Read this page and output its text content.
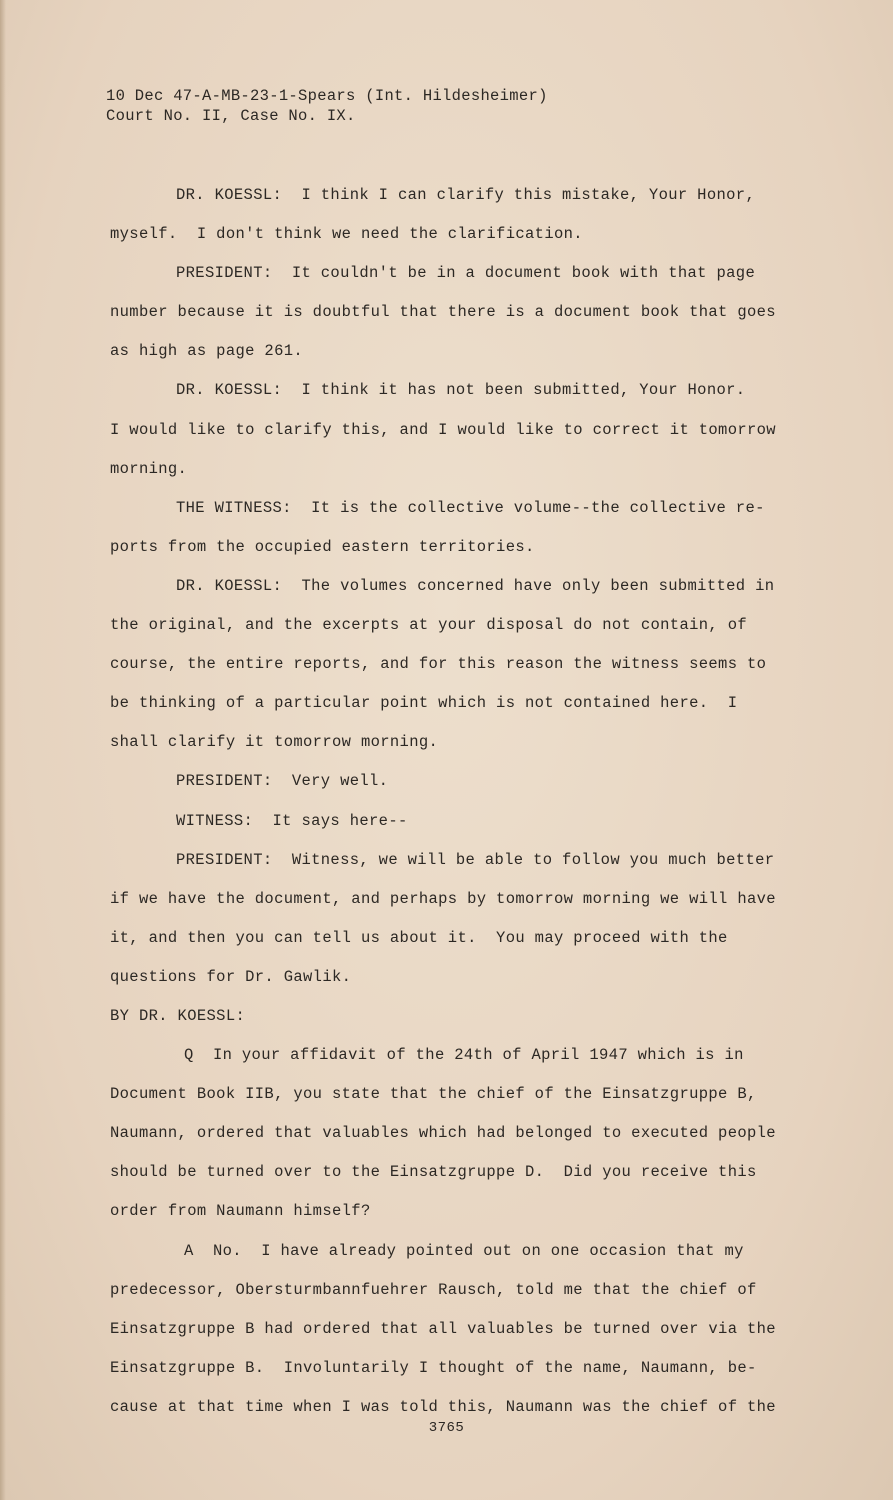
10 Dec 47-A-MB-23-1-Spears (Int. Hildesheimer)
Court No. II, Case No. IX.
DR. KOESSL:  I think I can clarify this mistake, Your Honor,
myself.  I don't think we need the clarification.
PRESIDENT:  It couldn't be in a document book with that page
number because it is doubtful that there is a document book that goes
as high as page 261.
DR. KOESSL:  I think it has not been submitted, Your Honor.
I would like to clarify this, and I would like to correct it tomorrow
morning.
THE WITNESS:  It is the collective volume--the collective re-
ports from the occupied eastern territories.
DR. KOESSL:  The volumes concerned have only been submitted in
the original, and the excerpts at your disposal do not contain, of
course, the entire reports, and for this reason the witness seems to
be thinking of a particular point which is not contained here.  I
shall clarify it tomorrow morning.
PRESIDENT:  Very well.
WITNESS:  It says here--
PRESIDENT:  Witness, we will be able to follow you much better
if we have the document, and perhaps by tomorrow morning we will have
it, and then you can tell us about it.  You may proceed with the
questions for Dr. Gawlik.
BY DR. KOESSL:
Q  In your affidavit of the 24th of April 1947 which is in
Document Book IIB, you state that the chief of the Einsatzgruppe B,
Naumann, ordered that valuables which had belonged to executed people
should be turned over to the Einsatzgruppe D.  Did you receive this
order from Naumann himself?
A  No.  I have already pointed out on one occasion that my
predecessor, Obersturmbannfuehrer Rausch, told me that the chief of
Einsatzgruppe B had ordered that all valuables be turned over via the
Einsatzgruppe B.  Involuntarily I thought of the name, Naumann, be-
cause at that time when I was told this, Naumann was the chief of the
3765
